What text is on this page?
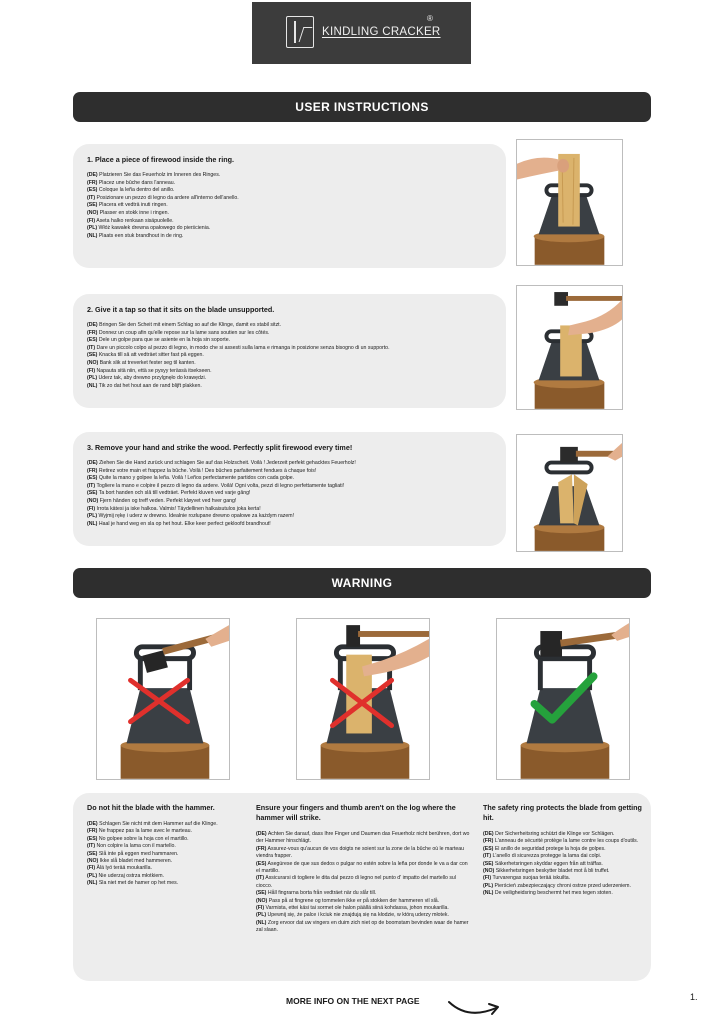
KINDLING CRACKER
®
USER INSTRUCTIONS
1. Place a piece of firewood inside the ring.
(DE) Platzieren Sie das Feuerholz im Inneren des Ringes.
(FR) Placez une bûche dans l'anneau.
(ES) Coloque la leña dentro del anillo.
(IT) Posizionare un pezzo di legno da ardere all'interno dell'anello.
(SE) Placera ett vedträ inuti ringen.
(NO) Plasser en stokk inne i ringen.
(FI) Aseta halko renkaan sisäpuolelle.
(PL) Włóż kawałek drewna opałowego do pierścienia.
(NL) Plaats een stuk brandhout in de ring.
2. Give it a tap so that it sits on the blade unsupported.
(DE) Bringen Sie den Scheit mit einem Schlag so auf die Klinge, damit es stabil sitzt.
(FR) Donnez un coup afin qu'elle repose sur la lame sans soutien sur les côtés.
(ES) Dele un golpe para que se asiente en la hoja sin soporte.
(IT) Dare un piccolo colpo al pezzo di legno, in modo che si assesti sulla lama e rimanga in posizione senza bisogno di un supporto.
(SE) Knacka till så att vedträet sitter fast på eggen.
(NO) Bank slik at treverket fester seg til kanten.
(FI) Napauta sitä niin, että se pysyy terässä itsekseen.
(PL) Uderz tak, aby drewno przylgnęło do krawędzi.
(NL) Tik zo dat het hout aan de rand blijft plakken.
3. Remove your hand and strike the wood. Perfectly split firewood every time!
(DE) Ziehen Sie die Hand zurück und schlagen Sie auf das Holzscheit. Voilà ! Jederzeit perfekt gehacktes Feuerholz!
(FR) Retirez votre main et frappez la bûche. Voilà ! Des bûches parfaitement fendues à chaque fois!
(ES) Quite la mano y golpee la leña. Voilà ! Leños perfectamente partidos con cada golpe.
(IT) Togliere la mano e colpire il pezzo di legno da ardere. Voilà! Ogni volta, pezzi di legno perfettamente tagliati!
(SE) Ta bort handen och slå till vedträet. Perfekt kluven ved varje gång!
(NO) Fjern hånden og treff veden. Perfekt kløyvet ved hver gang!
(FI) Irrota kätesi ja iske halkoa. Valmis! Täydellinen halkaisutulos joka kerta!
(PL) Wyjmij rękę i uderz w drewno. Idealnie rozłupane drewno opałowe za każdym razem!
(NL) Haal je hand weg en sla op het hout. Elke keer perfect gekloofd brandhout!
WARNING
Do not hit the blade with the hammer.
(DE) Schlagen Sie nicht mit dem Hammer auf die Klinge.
(FR) Ne frappez pas la lame avec le marteau.
(ES) No golpee sobre la hoja con el martillo.
(IT) Non colpire la lama con il martello.
(SE) Slå inte på eggen med hammaren.
(NO) Ikke slå bladet med hammeren.
(FI) Älä lyö terää moukarilla.
(PL) Nie uderzaj ostrza młotkiem.
(NL) Sla niet met de hamer op het mes.
Ensure your fingers and thumb aren't on the log where the hammer will strike.
(DE) Achten Sie darauf, dass Ihre Finger und Daumen das Feuerholz nicht berühren, dort wo der Hammer hinschlägt.
(FR) Assurez-vous qu'aucun de vos doigts ne soient sur la zone de la bûche où le marteau viendra frapper.
(ES) Asegúrese de que sus dedos o pulgar no estén sobre la leña por donde le va a dar con el martillo.
(IT) Assicurarsi di togliere le dita dal pezzo di legno nel punto d' impatto del martello sul ciocco.
(SE) Håll fingrarna borta från vedträet när du slår till.
(NO) Pass på at fingrene og tommelen ikke er på stokken der hammeren vil slå.
(FI) Varmista, ettei käsi tai sormet ole halon päällä siinä kohdassa, johon moukarilla.
(PL) Upewnij się, że palce i kciuk nie znajdują się na kłodzie, w którą uderzy młotek.
(NL) Zorg ervoor dat uw vingers en duim zich niet op de boomstam bevinden waar de hamer zal slaan.
The safety ring protects the blade from getting hit.
(DE) Der Sicherheitsring schützt die Klinge vor Schlägen.
(FR) L'anneau de sécurité protège la lame contre les coups d'outils.
(ES) El anillo de seguridad protege la hoja de golpes.
(IT) L'anello di sicurezza protegge la lama dai colpi.
(SE) Säkerhetsringen skyddar eggen från att träffas.
(NO) Sikkerhetsringen beskytter bladet mot å bli truffet.
(FI) Turvarengas suojaa terää iskuilta.
(PL) Pierścień zabezpieczający chroni ostrze przed uderzeniem.
(NL) De veiligheidsring beschermt het mes tegen stoten.
MORE INFO ON THE NEXT PAGE	1.
